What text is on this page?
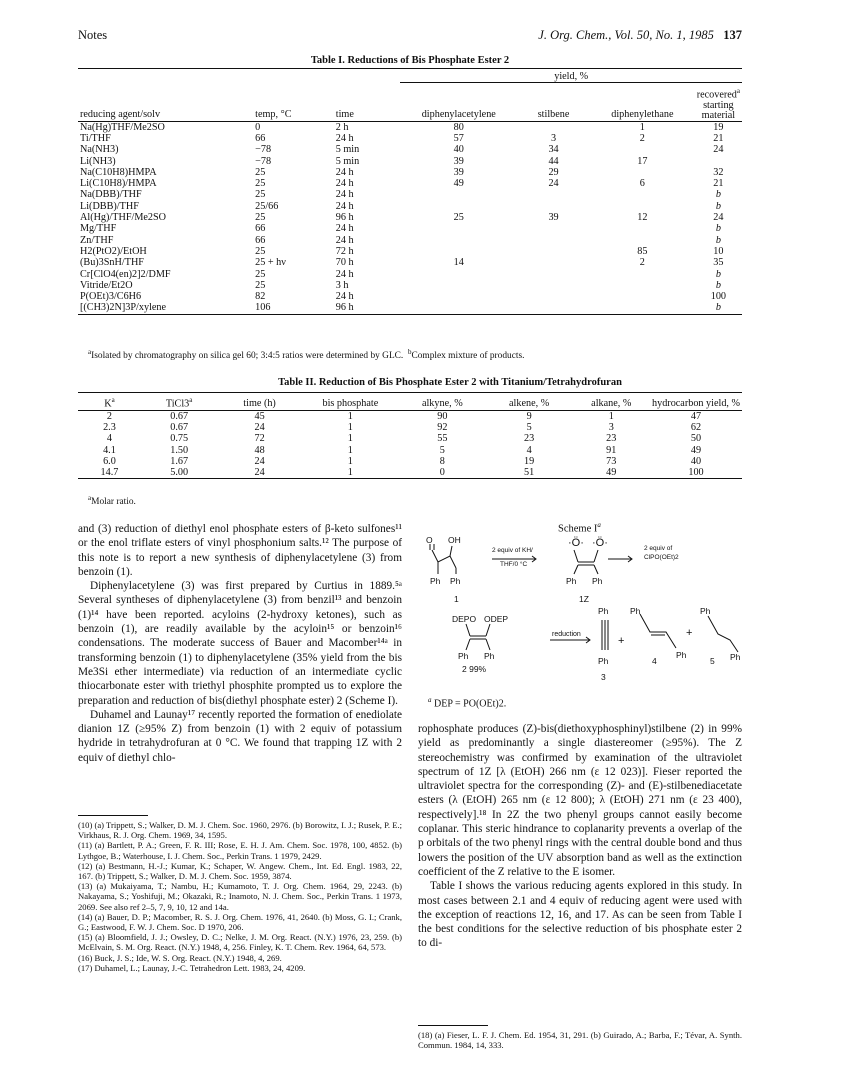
Notes	J. Org. Chem., Vol. 50, No. 1, 1985 137
Table I. Reductions of Bis Phosphate Ester 2
			yield, %			
reducing agent/solv	temp, °C	time	diphenylacetylene	stilbene	diphenylethane	recovered$^a$
starting
material
Na(Hg)THF/Me2SO	0	2 h	80		1	19
Ti/THF	66	24 h	57	3	2	21
Na(NH3)	−78	5 min	40	34		24
Li(NH3)	−78	5 min	39	44	17	
Na(C10H8)HMPA	25	24 h	39	29		32
Li(C10H8)/HMPA	25	24 h	49	24	6	21
Na(DBB)/THF	25	24 h				b
Li(DBB)/THF	25/66	24 h				b
Al(Hg)/THF/Me2SO	25	96 h	25	39	12	24
Mg/THF	66	24 h				b
Zn/THF	66	24 h				b
H2(PtO2)/EtOH	25	72 h			85	10
(Bu)3SnH/THF	25 + hν	70 h	14		2	35
Cr[ClO4(en)2]2/DMF	25	24 h				b
Vitride/Et2O	25	3 h				b
P(OEt)3/C6H6	82	24 h				100
[(CH3)2N]3P/xylene	106	96 h				b
$^a$Isolated by chromatography on silica gel 60; 3:4:5 ratios were determined by GLC. $^b$Complex mixture of products.
Table II. Reduction of Bis Phosphate Ester 2 with Titanium/Tetrahydrofuran
$K^a$	TiCl3$^a$	time (h)	bis phosphate	alkyne, %	alkene, %	alkane, %	hydrocarbon yield, %
2	0.67	45	1	90	9	1	47
2.3	0.67	24	1	92	5	3	62
4	0.75	72	1	55	23	23	50
4.1	1.50	48	1	5	4	91	49
6.0	1.67	24	1	8	19	73	40
14.7	5.00	24	1	0	51	49	100
$^a$Molar ratio.

and (3) reduction of diethyl enol phosphate esters of β-keto sulfones¹¹ or the enol triflate esters of vinyl phosphonium salts.¹² The purpose of this note is to report a new synthesis of diphenylacetylene (3) from benzoin (1).

Diphenylacetylene (3) was first prepared by Curtius in 1889.⁵ᵃ Several syntheses of diphenylacetylene (3) from benzil¹³ and benzoin (1)¹⁴ have been reported. acyloins (2-hydroxy ketones), such as benzoin (1), are readily available by the acyloin¹⁵ or benzoin¹⁶ condensations. The moderate success of Bauer and Macomber¹⁴ᵃ in transforming benzoin (1) to diphenylacetylene (35% yield from the bis Me3Si ether intermediate) via reduction of an intermediate cyclic thiocarbonate ester with triethyl phosphite prompted us to explore the preparation and reduction of bis(diethyl phosphate ester) 2 (Scheme I).

Duhamel and Launay¹⁷ recently reported the formation of enediolate dianion 1Z (≥95% Z) from benzoin (1) with 2 equiv of potassium hydride in tetrahydrofuran at 0 °C. We found that trapping 1Z with 2 equiv of diethyl chlo-

(10) (a) Trippett, S.; Walker, D. M. J. Chem. Soc. 1960, 2976. (b) Borowitz, I. J.; Rusek, P. E.; Virkhaus, R. J. Org. Chem. 1969, 34, 1595.

(11) (a) Bartlett, P. A.; Green, F. R. III; Rose, E. H. J. Am. Chem. Soc. 1978, 100, 4852. (b) Lythgoe, B.; Waterhouse, I. J. Chem. Soc., Perkin Trans. 1 1979, 2429.

(12) (a) Bestmann, H.-J.; Kumar, K.; Schaper, W. Angew. Chem., Int. Ed. Engl. 1983, 22, 167. (b) Trippett, S.; Walker, D. M. J. Chem. Soc. 1959, 3874.

(13) (a) Mukaiyama, T.; Nambu, H.; Kumamoto, T. J. Org. Chem. 1964, 29, 2243. (b) Nakayama, S.; Yoshifuji, M.; Okazaki, R.; Inamoto, N. J. Chem. Soc., Perkin Trans. 1 1973, 2069. See also ref 2–5, 7, 9, 10, 12 and 14a.

(14) (a) Bauer, D. P.; Macomber, R. S. J. Org. Chem. 1976, 41, 2640. (b) Moss, G. I.; Crank, G.; Eastwood, F. W. J. Chem. Soc. D 1970, 206.

(15) (a) Bloomfield, J. J.; Owsley, D. C.; Nelke, J. M. Org. React. (N.Y.) 1976, 23, 259. (b) McElvain, S. M. Org. React. (N.Y.) 1948, 4, 256. Finley, K. T. Chem. Rev. 1964, 64, 573.

(16) Buck, J. S.; Ide, W. S. Org. React. (N.Y.) 1948, 4, 269.

(17) Duhamel, L.; Launay, J.-C. Tetrahedron Lett. 1983, 24, 4209.

Scheme $I^a$
O OH
Ph Ph
1
2 equiv of KH/
THF/0 °C
·Ö· ·Ö·
Ph Ph
1Z
2 equiv of
ClPO(OEt)2
DEPO ODEP
Ph Ph
reduction
Ph
+
Ph
Ph
+
Ph
2 99%
Ph
3
4	5 Ph
$^a$ DEP = PO(OEt)2.

rophosphate produces (Z)-bis(diethoxyphosphinyl)stilbene (2) in 99% yield as predominantly a single diastereomer (≥95%). The Z stereochemistry was confirmed by examination of the ultraviolet spectrum of 1Z [λ (EtOH) 266 nm (ε 12 023)]. Fieser reported the ultraviolet spectra for the corresponding (Z)- and (E)-stilbenediacetate esters (λ (EtOH) 265 nm (ε 12 800); λ (EtOH) 271 nm (ε 23 400), respectively].¹⁸ In 2Z the two phenyl groups cannot easily become coplanar. This steric hindrance to coplanarity prevents a overlap of the p orbitals of the two phenyl rings with the central double bond and thus lowers the position of the UV absorption band as well as the extinction coefficient of the Z relative to the E isomer.

Table I shows the various reducing agents explored in this study. In most cases between 2.1 and 4 equiv of reducing agent were used with the exception of reactions 12, 16, and 17. As can be seen from Table I the best conditions for the selective reduction of bis phosphate ester 2 to di-

(18) (a) Fieser, L. F. J. Chem. Ed. 1954, 31, 291. (b) Guirado, A.; Barba, F.; Tévar, A. Synth. Commun. 1984, 14, 333.
